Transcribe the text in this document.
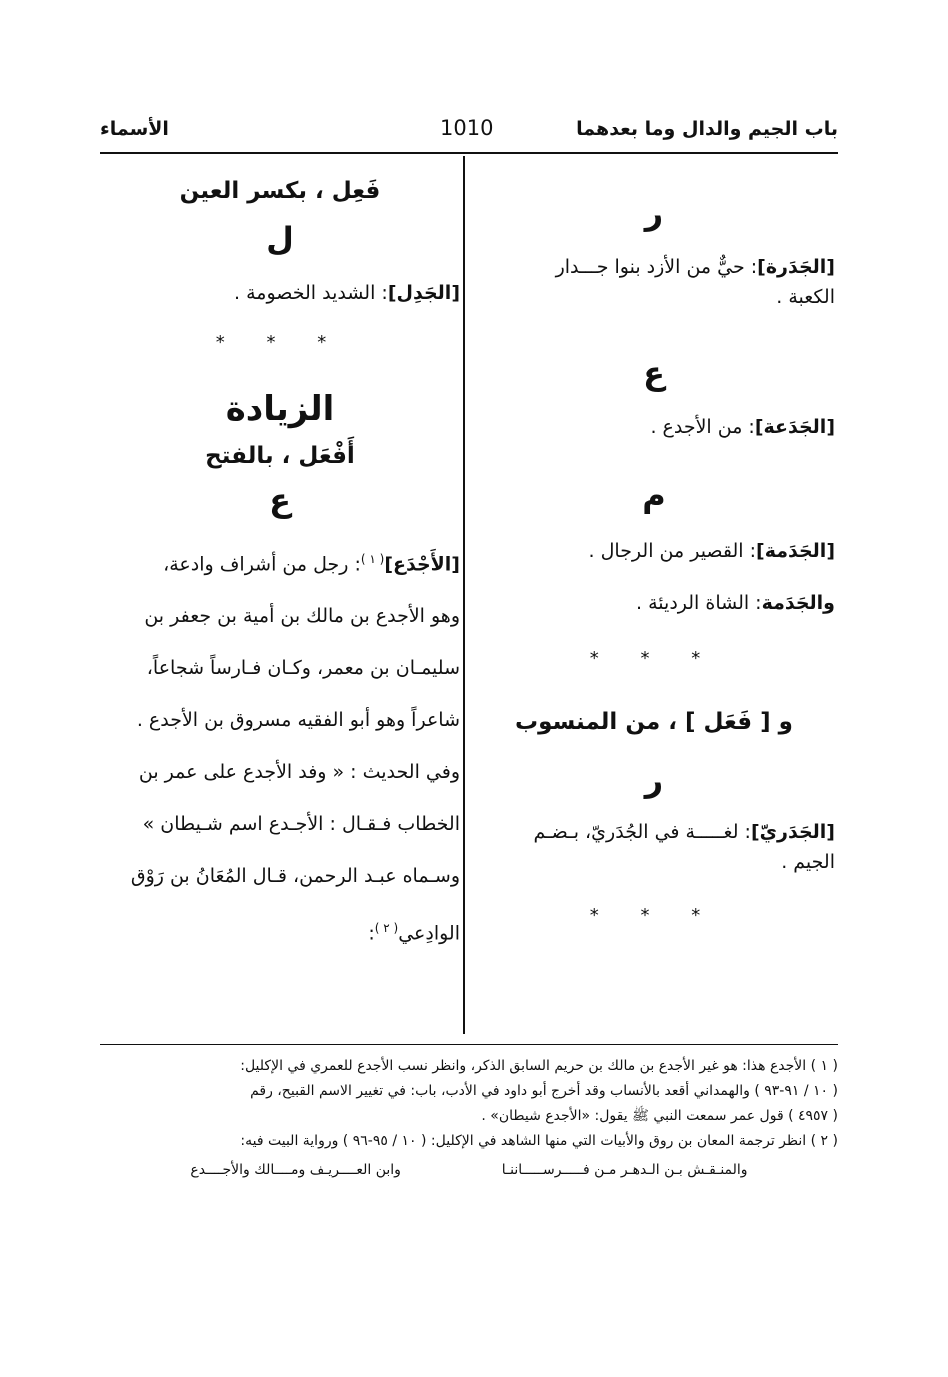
باب الجيم والدال وما بعدهما
1010
الأسماء
ر
[الجَدَرة]: حيٌّ من الأزد بنوا جـــدار
الكعبة .
ع
[الجَدَعة]: من الأجدع .
م
[الجَدَمة]: القصير من الرجال .
والجَدَمة: الشاة الرديئة .
* * *
و [ فَعَل ] ، من المنسوب
ر
[الجَدَريّ]: لغـــــة في الجُدَريّ، بـضـم
الجيم .
* * *
فَعِل ، بكسر العين
ل
[الجَدِل]: الشديد الخصومة .
* * *
الزيادة
أَفْعَل ، بالفتح
ع
[الأَجْدَع]$^{( ١ )}$: رجل من أشراف وادعة،
وهو الأجدع بن مالك بن أمية بن جعفر بن
سليمـان بن معمر، وكـان فـارساً شجاعاً،
شاعراً وهو أبو الفقيه مسروق بن الأجدع .
وفي الحديث : « وفد الأجدع على عمر بن
الخطاب فـقـال : الأجـدع اسم شـيطان »
وسـماه عبـد الرحمن، قـال المُعَانُ بن رَوْق
الوادِعي$^{( ٢ )}$:

( ١ ) الأجدع هذا: هو غير الأجدع بن مالك بن حريم السابق الذكر، وانظر نسب الأجدع للعمري في الإكليل:

( ١٠ / ٩١-٩٣ ) والهمداني أقعد بالأنساب وقد أخرج أبو داود في الأدب، باب: في تغيير الاسم القبيح، رقم

( ٤٩٥٧ ) قول عمر سمعت النبي ﷺ يقول: «الأجدع شيطان» .

( ٢ ) انظر ترجمة المعان بن روق والأبيات التي منها الشاهد في الإكليل: ( ١٠ / ٩٥-٩٦ ) ورواية البيت فيه:

والمنـقـش بـن الـدهـر مـن فـــــرســـــاننـا
وابن العــــريـف ومــــالك والأجــــدع
